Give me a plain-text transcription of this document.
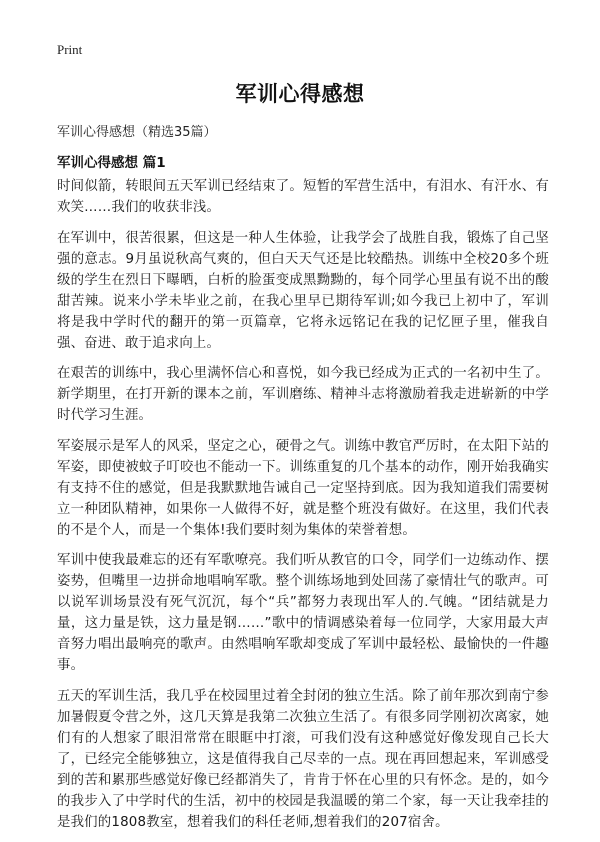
Print
军训心得感想
军训心得感想（精选35篇）
军训心得感想 篇1

时间似箭，转眼间五天军训已经结束了。短暂的军营生活中，有泪水、有汗水、有欢笑……我们的收获非浅。

在军训中，很苦很累，但这是一种人生体验，让我学会了战胜自我，锻炼了自己坚强的意志。9月虽说秋高气爽的，但白天天气还是比较酷热。训练中全校20多个班级的学生在烈日下曝晒，白析的脸蛋变成黑黝黝的，每个同学心里虽有说不出的酸甜苦辣。说来小学未毕业之前，在我心里早已期待军训;如今我已上初中了，军训将是我中学时代的翻开的第一页篇章，它将永远铭记在我的记忆匣子里，催我自强、奋进、敢于追求向上。

在艰苦的训练中，我心里满怀信心和喜悦，如今我已经成为正式的一名初中生了。新学期里，在打开新的课本之前，军训磨练、精神斗志将激励着我走进崭新的中学时代学习生涯。

军姿展示是军人的风采，坚定之心，硬骨之气。训练中教官严厉时，在太阳下站的军姿，即使被蚊子叮咬也不能动一下。训练重复的几个基本的动作，刚开始我确实有支持不住的感觉，但是我默默地告诫自己一定坚持到底。因为我知道我们需要树立一种团队精神，如果你一人做得不好，就是整个班没有做好。在这里，我们代表的不是个人，而是一个集体!我们要时刻为集体的荣誉着想。

军训中使我最难忘的还有军歌嘹亮。我们听从教官的口令，同学们一边练动作、摆姿势，但嘴里一边拼命地唱响军歌。整个训练场地到处回荡了豪情壮气的歌声。可以说军训场景没有死气沉沉，每个“兵”都努力表现出军人的.气魄。“团结就是力量，这力量是铁，这力量是钢……”歌中的情调感染着每一位同学，大家用最大声音努力唱出最响亮的歌声。由然唱响军歌却变成了军训中最轻松、最愉快的一件趣事。

五天的军训生活，我几乎在校园里过着全封闭的独立生活。除了前年那次到南宁参加暑假夏令营之外，这几天算是我第二次独立生活了。有很多同学刚初次离家，她们有的人想家了眼泪常常在眼眶中打滚，可我们没有这种感觉好像发现自己长大了，已经完全能够独立，这是值得我自己尽幸的一点。现在再回想起来，军训感受到的苦和累那些感觉好像已经都消失了，肯肯于怀在心里的只有怀念。是的，如今的我步入了中学时代的生活，初中的校园是我温暖的第二个家，每一天让我牵挂的是我们的1808教室，想着我们的科任老师,想着我们的207宿舍。
